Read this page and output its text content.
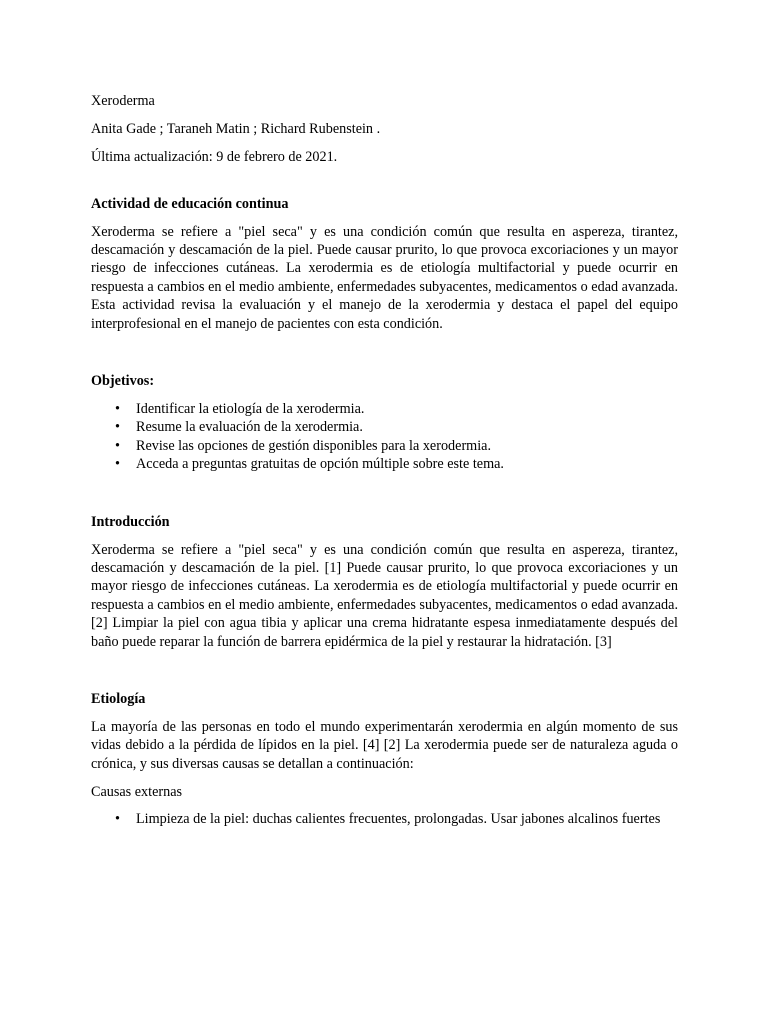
Xeroderma

Anita Gade ; Taraneh Matin ; Richard Rubenstein .

Última actualización: 9 de febrero de 2021.

Actividad de educación continua

Xeroderma se refiere a "piel seca" y es una condición común que resulta en aspereza, tirantez, descamación y descamación de la piel. Puede causar prurito, lo que provoca excoriaciones y un mayor riesgo de infecciones cutáneas. La xerodermia es de etiología multifactorial y puede ocurrir en respuesta a cambios en el medio ambiente, enfermedades subyacentes, medicamentos o edad avanzada. Esta actividad revisa la evaluación y el manejo de la xerodermia y destaca el papel del equipo interprofesional en el manejo de pacientes con esta condición.

Objetivos:
• Identificar la etiología de la xerodermia.
• Resume la evaluación de la xerodermia.
• Revise las opciones de gestión disponibles para la xerodermia.
• Acceda a preguntas gratuitas de opción múltiple sobre este tema.
Introducción

Xeroderma se refiere a "piel seca" y es una condición común que resulta en aspereza, tirantez, descamación y descamación de la piel. [1] Puede causar prurito, lo que provoca excoriaciones y un mayor riesgo de infecciones cutáneas. La xerodermia es de etiología multifactorial y puede ocurrir en respuesta a cambios en el medio ambiente, enfermedades subyacentes, medicamentos o edad avanzada. [2] Limpiar la piel con agua tibia y aplicar una crema hidratante espesa inmediatamente después del baño puede reparar la función de barrera epidérmica de la piel y restaurar la hidratación. [3]

Etiología

La mayoría de las personas en todo el mundo experimentarán xerodermia en algún momento de sus vidas debido a la pérdida de lípidos en la piel. [4] [2] La xerodermia puede ser de naturaleza aguda o crónica, y sus diversas causas se detallan a continuación:

Causas externas

• Limpieza de la piel: duchas calientes frecuentes, prolongadas. Usar jabones alcalinos fuertes
